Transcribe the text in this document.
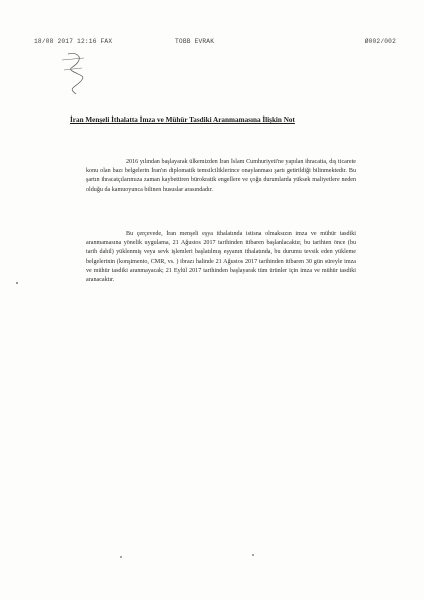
18/08 2017 12:16 FAX	TOBB EVRAK	Ø002/002
İran Menşeli İthalatta İmza ve Mühür Tasdiki Aranmamasına İlişkin Not
2016 yılından başlayarak ülkemizden İran İslam Cumhuriyeti'ne yapılan ihracatta, dış ticarete konu olan bazı belgelerin İran'ın diplomatik temsilciliklerince onaylanması şartı getirildiği bilinmektedir. Bu şartın ihracatçılarımıza zaman kaybettiren bürokratik engellere ve çoğu durumlarda yüksek maliyetlere neden olduğu da kamuoyunca bilinen hususlar arasındadır.
Bu çerçevede, İran menşeli eşya ithalatında istisna olmaksızın imza ve mühür tasdiki aranmamasına yönelik uygulama, 21 Ağustos 2017 tarihinden itibaren başlanlacaktır, bu tarihten önce (bu tarih dahil) yüklenmiş veya sevk işlemleri başlatılmış eşyanın ithalatında, bu durumu tevsik eden yükleme belgelerinin (konşimento, CMR, vs. ) ibrazı halinde 21 Ağustos 2017 tarihinden itibaren 30 gün süreyle imza ve mühür tasdiki aranmayacak; 21 Eylül 2017 tarihinden başlayarak tüm ürünler için imza ve mühür tasdiki aranacaktır.
